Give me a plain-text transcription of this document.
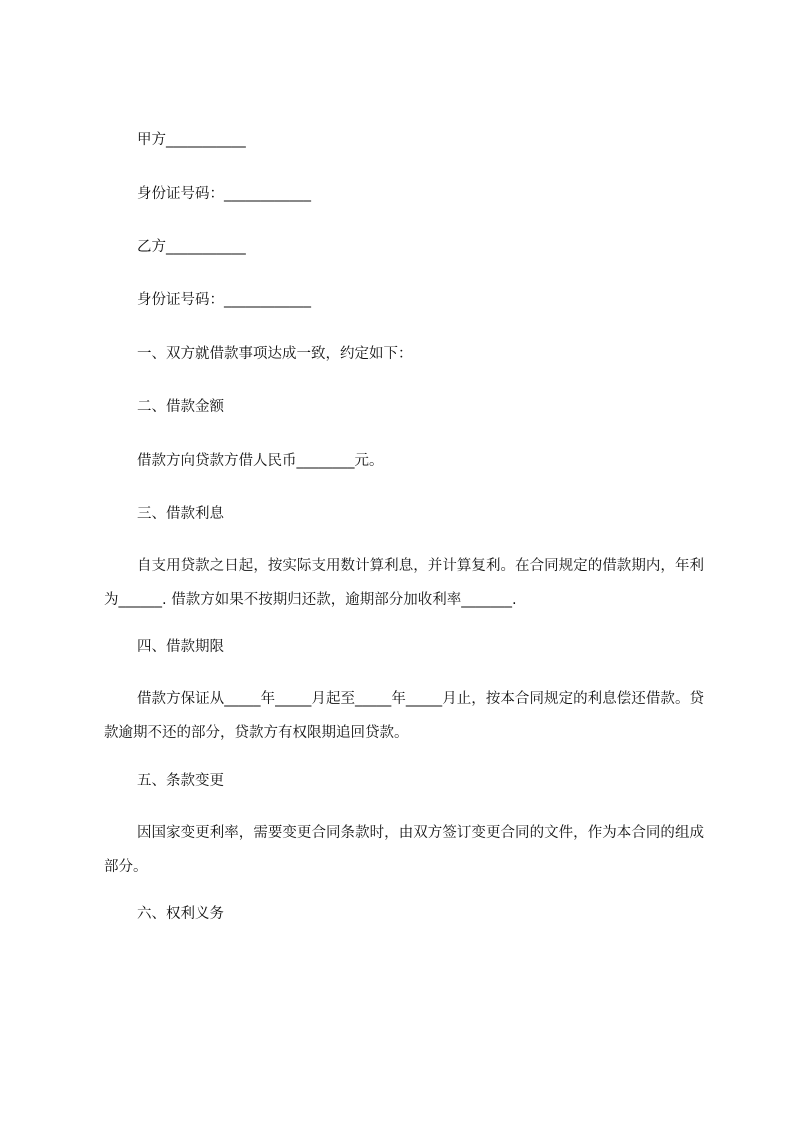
甲方___________

身份证号码：____________

乙方___________

身份证号码：____________

一、双方就借款事项达成一致，约定如下：

二、借款金额

借款方向贷款方借人民币________元。

三、借款利息

自支用贷款之日起，按实际支用数计算利息，并计算复利。在合同规定的借款期内，年利为______. 借款方如果不按期归还款，逾期部分加收利率_______.

四、借款期限

借款方保证从_____年_____月起至_____年_____月止，按本合同规定的利息偿还借款。贷款逾期不还的部分，贷款方有权限期追回贷款。

五、条款变更

因国家变更利率，需要变更合同条款时，由双方签订变更合同的文件，作为本合同的组成部分。

六、权利义务
